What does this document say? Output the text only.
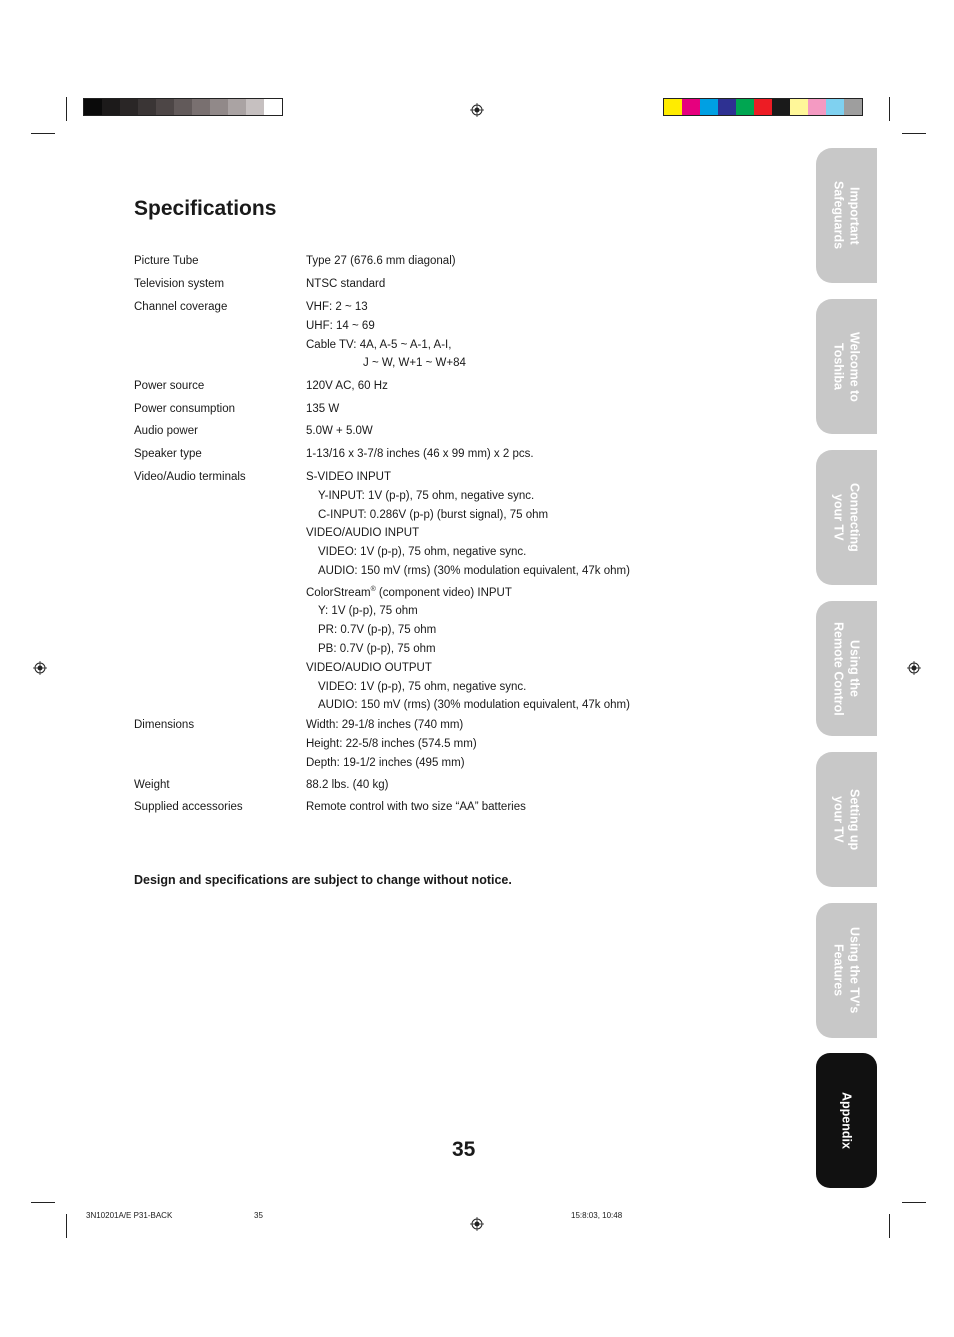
Specifications
Picture Tube	Type 27 (676.6 mm diagonal)
Television system	NTSC standard
Channel coverage	VHF: 2 ~ 13
UHF: 14 ~ 69
Cable TV: 4A, A-5 ~ A-1, A-I,
J ~ W, W+1 ~ W+84
Power source	120V AC, 60 Hz
Power consumption	135 W
Audio power	5.0W + 5.0W
Speaker type	1-13/16 x 3-7/8 inches (46 x 99 mm) x 2 pcs.
Video/Audio terminals	S-VIDEO INPUT
Y-INPUT: 1V (p-p), 75 ohm, negative sync.
C-INPUT: 0.286V (p-p) (burst signal), 75 ohm
VIDEO/AUDIO INPUT
VIDEO: 1V (p-p), 75 ohm, negative sync.
AUDIO: 150 mV (rms) (30% modulation equivalent, 47k ohm)
ColorStream® (component video) INPUT
Y: 1V (p-p), 75 ohm
PR: 0.7V (p-p), 75 ohm
PB: 0.7V (p-p), 75 ohm
VIDEO/AUDIO OUTPUT
VIDEO: 1V (p-p), 75 ohm, negative sync.
AUDIO: 150 mV (rms) (30% modulation equivalent, 47k ohm)
Dimensions	Width: 29-1/8 inches (740 mm)
Height: 22-5/8 inches (574.5 mm)
Depth: 19-1/2 inches (495 mm)
Weight	88.2 lbs. (40 kg)
Supplied accessories	Remote control with two size “AA” batteries
Design and specifications are subject to change without notice.
35
Important
Safeguards
Welcome to
Toshiba
Connecting
your TV
Using the
Remote Control
Setting up
your TV
Using the TV's
Features
Appendix
3N10201A/E P31-BACK	35	15:8:03, 10:48
